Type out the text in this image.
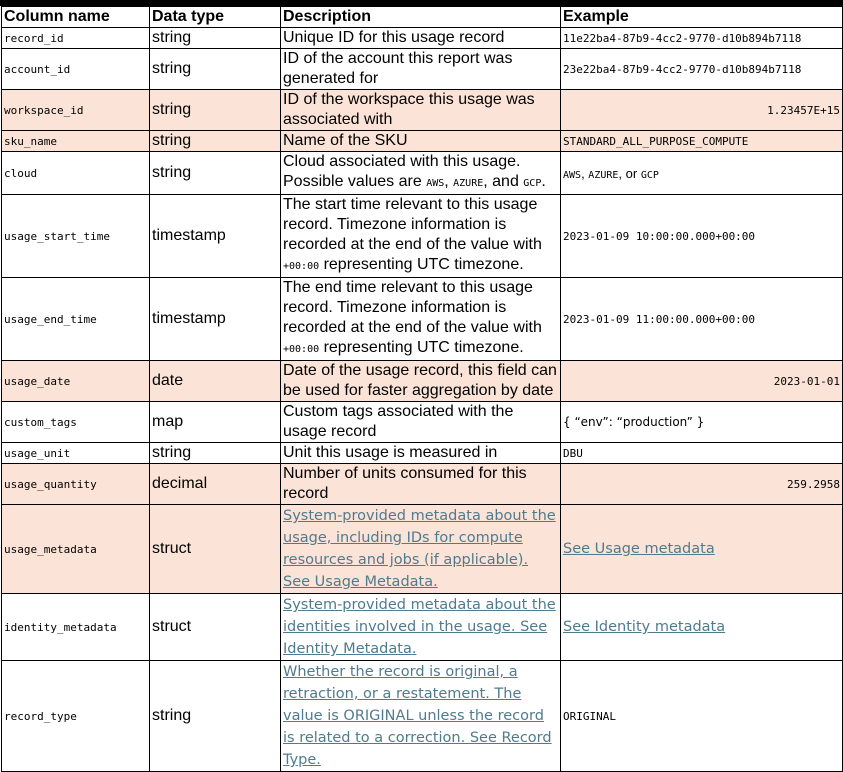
Column name	Data type	Description	Example
record_id	string	Unique ID for this usage record	11e22ba4-87b9-4cc2-9770-d10b894b7118
account_id	string	ID of the account this report was generated for	23e22ba4-87b9-4cc2-9770-d10b894b7118
workspace_id	string	ID of the workspace this usage was associated with	1.23457E+15
sku_name	string	Name of the SKU	STANDARD_ALL_PURPOSE_COMPUTE
cloud	string	Cloud associated with this usage. Possible values are AWS, AZURE, and GCP.	AWS, AZURE, or GCP
usage_start_time	timestamp	The start time relevant to this usage record. Timezone information is recorded at the end of the value with +00:00 representing UTC timezone.	2023-01-09 10:00:00.000+00:00
usage_end_time	timestamp	The end time relevant to this usage record. Timezone information is recorded at the end of the value with +00:00 representing UTC timezone.	2023-01-09 11:00:00.000+00:00
usage_date	date	Date of the usage record, this field can be used for faster aggregation by date	2023-01-01
custom_tags	map	Custom tags associated with the usage record	{ “env”: “production” }
usage_unit	string	Unit this usage is measured in	DBU
usage_quantity	decimal	Number of units consumed for this record	259.2958
usage_metadata	struct	System-provided metadata about the usage, including IDs for compute resources and jobs (if applicable). See Usage Metadata.	See Usage metadata
identity_metadata	struct	System-provided metadata about the identities involved in the usage. See Identity Metadata.	See Identity metadata
record_type	string	Whether the record is original, a retraction, or a restatement. The value is ORIGINAL unless the record is related to a correction. See Record Type.	ORIGINAL
